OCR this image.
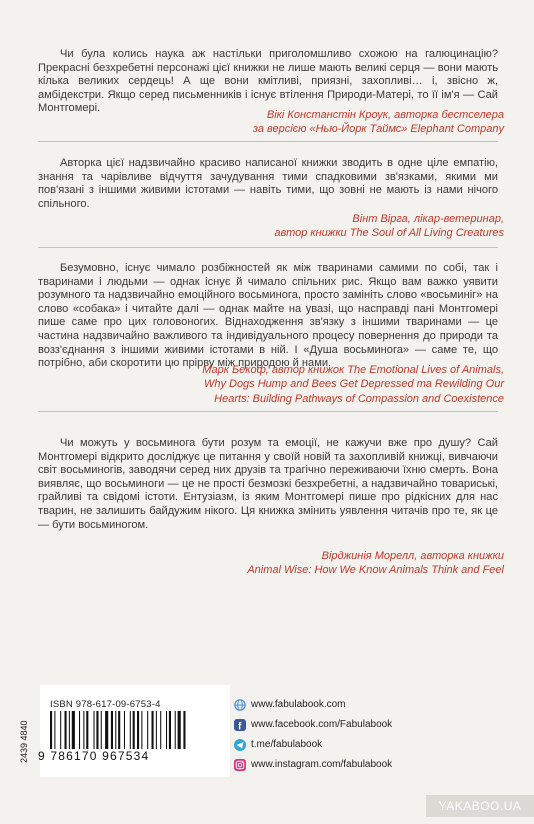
Чи була колись наука аж настільки приголомшливо схожою на галюцинацію? Прекрасні безхребетні персонажі цієї книжки не лише мають великі серця — вони мають кілька великих сердець! А ще вони кмітливі, приязні, захопливі… і, звісно ж, амбідекстри. Якщо серед письменників і існує втілення Природи-Матері, то її ім'я — Сай Монтгомері.

Вікі Констанстін Кроук, авторка бестселера
за версією «Нью-Йорк Таймс» Elephant Company

Авторка цієї надзвичайно красиво написаної книжки зводить в одне ціле емпатію, знання та чарівливе відчуття зачудування тими спадковими зв'язками, якими ми пов'язані з іншими живими істотами — навіть тими, що зовні не мають із нами нічого спільного.

Вінт Вірга, лікар-ветеринар,
автор книжки The Soul of All Living Creatures

Безумовно, існує чимало розбіжностей як між тваринами самими по собі, так і тваринами і людьми — однак існує й чимало спільних рис. Якщо вам важко уявити розумного та надзвичайно емоційного восьминога, просто замініть слово «восьминіг» на слово «собака» і читайте далі — однак майте на увазі, що насправді пані Монтгомері пише саме про цих головоногих. Віднаходження зв'язку з іншими тваринами — це частина надзвичайно важливого та індивідуального процесу повернення до природи та возз'єднання з іншими живими істотами в ній. І «Душа восьминога» — саме те, що потрібно, аби скоротити цю прірву між природою й нами.

Марк Бекоф, автор книжок The Emotional Lives of Animals,
Why Dogs Hump and Bees Get Depressed та Rewilding Our
Hearts: Building Pathways of Compassion and Coexistence

Чи можуть у восьминога бути розум та емоції, не кажучи вже про душу? Сай Монтгомері відкрито досліджує це питання у своїй новій та захопливій книжці, вивчаючи світ восьминогів, заводячи серед них друзів та трагічно переживаючи їхню смерть. Вона виявляє, що восьминоги — це не прості безмозкі безхребетні, а надзвичайно товариські, грайливі та свідомі істоти. Ентузіазм, із яким Монтгомері пише про рідкісних для нас тварин, не залишить байдужим нікого. Ця книжка змінить уявлення читачів про те, як це — бути восьминогом.

Вірджинія Морелл, авторка книжки
Animal Wise: How We Know Animals Think and Feel
2439 4840
ISBN 978-617-09-6753-4
9 786170 967534
www.fabulabook.com
f www.facebook.com/Fabulabook
t.me/fabulabook
www.instagram.com/fabulabook
YAKABOO.UA
